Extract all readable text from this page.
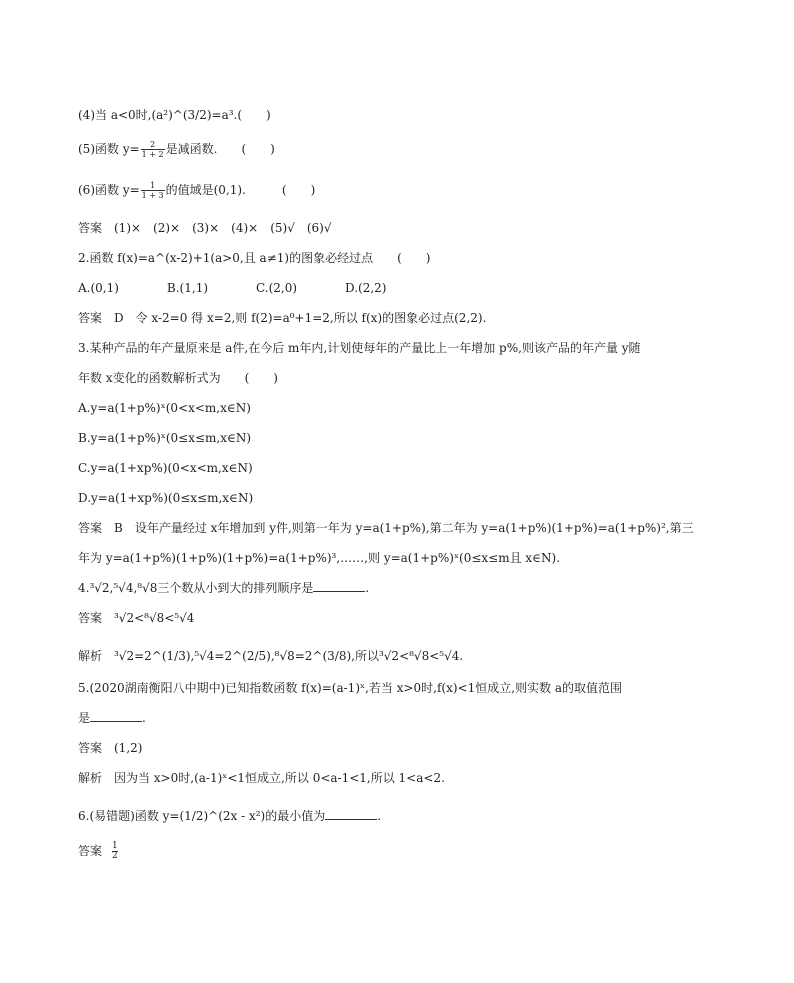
(4)当 a<0时,(a²)^(3/2)=a³.(　　)
(5)函数 $y= \frac{2}{1 + 2}$ 是减函数.　　(　　)
(6)函数 $y= \frac{1}{1 + 3}$ 的值域是(0,1).　　　(　　)
答案　(1)×　(2)×　(3)×　(4)×　(5)√　(6)√
2.函数 f(x)=a^(x-2)+1(a>0,且 a≠1)的图象必经过点　　(　　)
A.(0,1)　　　　B.(1,1)　　　　C.(2,0)　　　　D.(2,2)
答案　D　令 x-2=0 得 x=2,则 f(2)=a⁰+1=2,所以 f(x)的图象必过点(2,2).
3.某种产品的年产量原来是 a件,在今后 m年内,计划使每年的产量比上一年增加 p%,则该产品的年产量 y随
年数 x变化的函数解析式为　　(　　)
A.y=a(1+p%)ˣ(0<x<m,x∈N)
B.y=a(1+p%)ˣ(0≤x≤m,x∈N)
C.y=a(1+xp%)(0<x<m,x∈N)
D.y=a(1+xp%)(0≤x≤m,x∈N)
答案　B　设年产量经过 x年增加到 y件,则第一年为 y=a(1+p%),第二年为 y=a(1+p%)(1+p%)=a(1+p%)²,第三
年为 y=a(1+p%)(1+p%)(1+p%)=a(1+p%)³,……,则 y=a(1+p%)ˣ(0≤x≤m且 x∈N).
4.³√2,⁵√4,⁸√8三个数从小到大的排列顺序是	.
答案　³√2<⁸√8<⁵√4
解析　³√2=2^(1/3),⁵√4=2^(2/5),⁸√8=2^(3/8),所以³√2<⁸√8<⁵√4.
5.(2020湖南衡阳八中期中)已知指数函数 f(x)=(a-1)ˣ,若当 x>0时,f(x)<1恒成立,则实数 a的取值范围
是	.
答案　(1,2)
解析　因为当 x>0时,(a-1)ˣ<1恒成立,所以 0<a-1<1,所以 1<a<2.
6.(易错题)函数 y=(1/2)^(2x - x²)的最小值为	.
答案 $\frac{1}{2}$
